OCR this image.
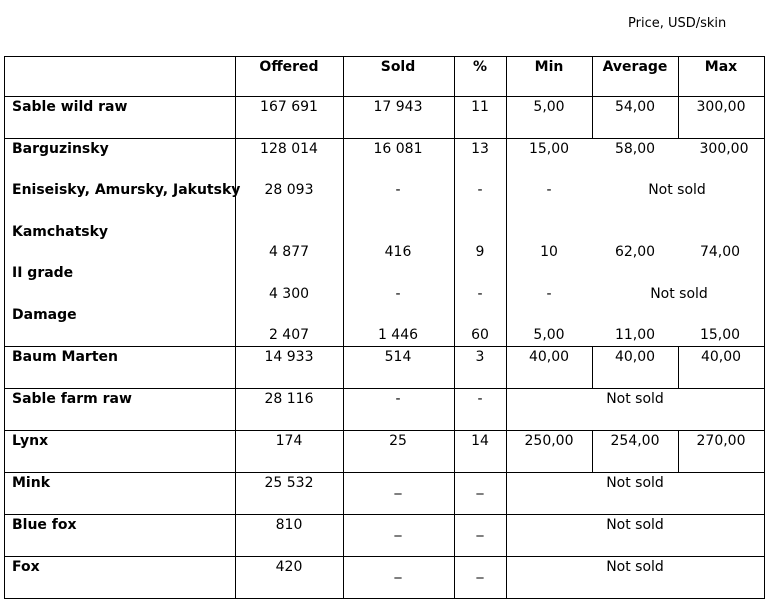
Price, USD/skin
Offered	Sold	%	Min	Average	Max
Sable wild raw	167 691	17 943	11	5,00	54,00	300,00
Barguzinsky	128 014	16 081	13	15,00	58,00	300,00
Eniseisky, Amursky, Jakutsky 28 093	-	-	-	Not sold
Kamchatsky
4 877	416	9	10	62,00	74,00
II grade
4 300	-	-	-	Not sold
Damage
2 407	1 446	60	5,00	11,00	15,00
Baum Marten	14 933	514	3	40,00	40,00	40,00
Sable farm raw	28 116	-	-	Not sold
Lynx	174	25	14	250,00	254,00	270,00
Mink	25 532	_	_	Not sold
Blue fox	810	_	_	Not sold
Fox	420	_	_	Not sold
